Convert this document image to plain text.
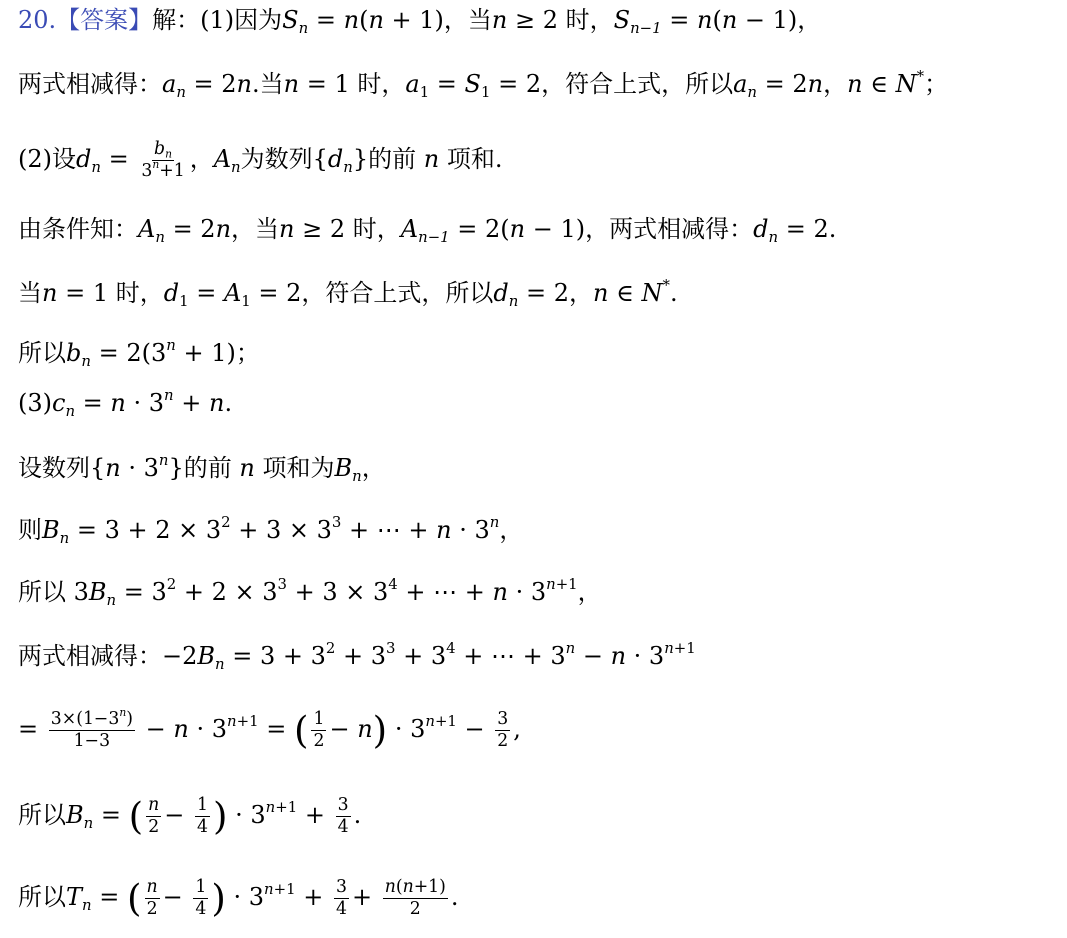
20.【答案】解：(1)因为$S_n = n(n + 1)$，当n ≥ 2 时，$S_{n-1} = n(n - 1)$，
两式相减得：$a_n = 2n$.当n = 1 时，$a_1 = S_1 = 2$，符合上式，所以$a_n = 2n$，n ∈ N*；
(2)设$d_n = \frac{b_n}{3^n+1}$ ，$A_n$为数列$\{d_n\}$的前 n 项和.
由条件知：$A_n = 2n$，当n ≥ 2 时，$A_{n-1} = 2(n - 1)$，两式相减得：$d_n = 2$.
当n = 1 时，$d_1 = A_1 = 2$，符合上式，所以$d_n = 2$，n ∈ N*.
所以$b_n = 2(3^n + 1)$；
$(3)c_n = n \cdot 3^n + n$.
设数列$\{n \cdot 3^n\}$的前 n 项和为$B_n$，
则$B_n = 3 + 2 \times 3^2 + 3 \times 3^3$ + ⋯ + $n \cdot 3^n$，
所以 $3B_n = 3^2 + 2 \times 3^3 + 3 \times 3^4$ + ⋯ + $n \cdot 3^{n+1}$，
两式相减得：$-2B_n = 3 + 3^2 + 3^3 + 3^4$ + ⋯ + $3^n - n \cdot 3^{n+1}$
= $\frac{3\times(1-3^n)}{1-3} - n \cdot 3^{n+1}$ = ( $\frac{1}{2} - n) \cdot 3^{n+1} - \frac{3}{2}$ ,
所以$B_n$ = ( $\frac{n}{2} - \frac{1}{4}$ ) · $3^{n+1} + \frac{3}{4}$ .
所以$T_n$ = ( $\frac{n}{2} - \frac{1}{4}$ ) · $3^{n+1} + \frac{3}{4} + \frac{n(n+1)}{2}$ .
